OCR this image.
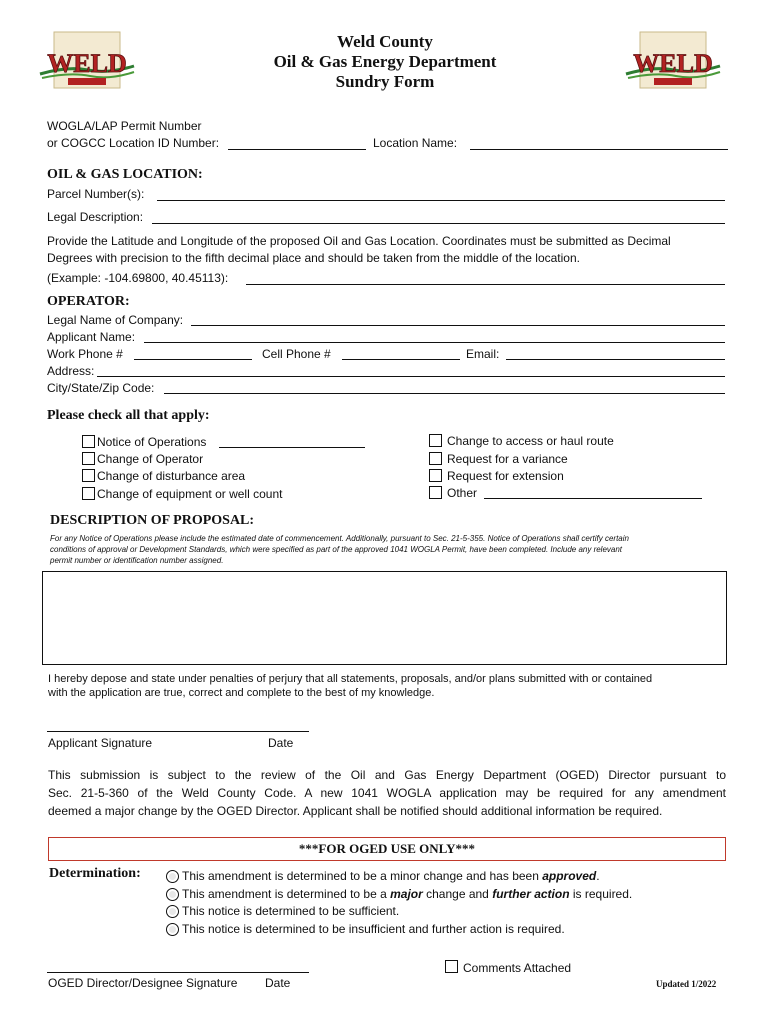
WELD	WELD
Weld County
Oil & Gas Energy Department
Sundry Form
WOGLA/LAP Permit Number
or COGCC Location ID Number:	Location Name:
OIL & GAS LOCATION:
Parcel Number(s):
Legal Description:
Provide the Latitude and Longitude of the proposed Oil and Gas Location. Coordinates must be submitted as Decimal
Degrees with precision to the fifth decimal place and should be taken from the middle of the location.
(Example: -104.69800, 40.45113):
OPERATOR:
Legal Name of Company:
Applicant Name:
Work Phone #	Cell Phone #	Email:
Address:
City/State/Zip Code:
Please check all that apply:
Notice of Operations
Change of Operator
Change of disturbance area
Change of equipment or well count
Change to access or haul route
Request for a variance
Request for extension
Other
DESCRIPTION OF PROPOSAL:
For any Notice of Operations please include the estimated date of commencement. Additionally, pursuant to Sec. 21-5-355. Notice of Operations shall certify certain
conditions of approval or Development Standards, which were specified as part of the approved 1041 WOGLA Permit, have been completed. Include any relevant
permit number or identification number assigned.
I hereby depose and state under penalties of perjury that all statements, proposals, and/or plans submitted with or contained
with the application are true, correct and complete to the best of my knowledge.
Applicant Signature	Date
This submission is subject to the review of the Oil and Gas Energy Department (OGED) Director pursuant to
Sec. 21-5-360 of the Weld County Code. A new 1041 WOGLA application may be required for any amendment
deemed a major change by the OGED Director. Applicant shall be notified should additional information be required.
***FOR OGED USE ONLY***
Determination:	This amendment is determined to be a minor change and has been approved.
This amendment is determined to be a major change and further action is required.
This notice is determined to be sufficient.
This notice is determined to be insufficient and further action is required.
Comments Attached
OGED Director/Designee Signature Date	Updated 1/2022
